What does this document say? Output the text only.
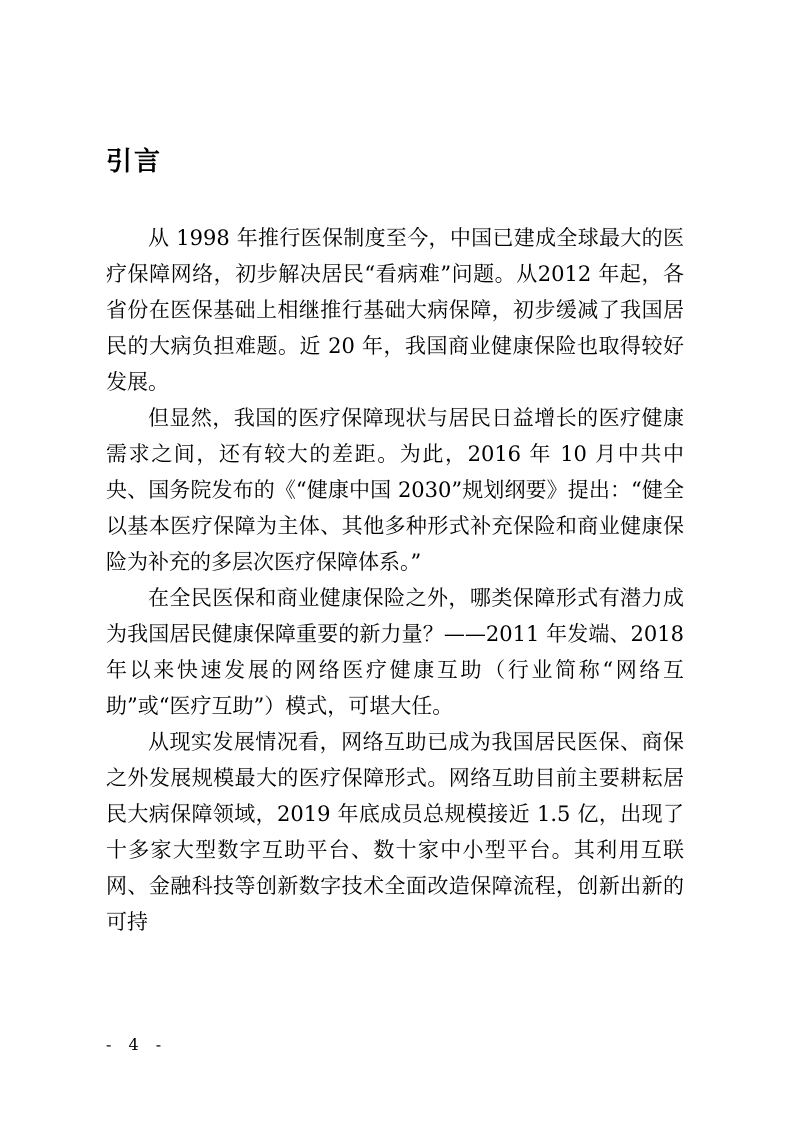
引言

从 1998 年推行医保制度至今，中国已建成全球最大的医疗保障网络，初步解决居民“看病难”问题。从2012 年起，各省份在医保基础上相继推行基础大病保障，初步缓减了我国居民的大病负担难题。近 20 年，我国商业健康保险也取得较好发展。

但显然，我国的医疗保障现状与居民日益增长的医疗健康需求之间，还有较大的差距。为此，2016 年 10 月中共中央、国务院发布的《“健康中国 2030”规划纲要》提出：“健全以基本医疗保障为主体、其他多种形式补充保险和商业健康保险为补充的多层次医疗保障体系。”

在全民医保和商业健康保险之外，哪类保障形式有潜力成为我国居民健康保障重要的新力量？——2011 年发端、2018 年以来快速发展的网络医疗健康互助（行业简称“网络互助”或“医疗互助”）模式，可堪大任。

从现实发展情况看，网络互助已成为我国居民医保、商保之外发展规模最大的医疗保障形式。网络互助目前主要耕耘居民大病保障领域，2019 年底成员总规模接近 1.5 亿，出现了十多家大型数字互助平台、数十家中小型平台。其利用互联网、金融科技等创新数字技术全面改造保障流程，创新出新的可持

- 4 -
